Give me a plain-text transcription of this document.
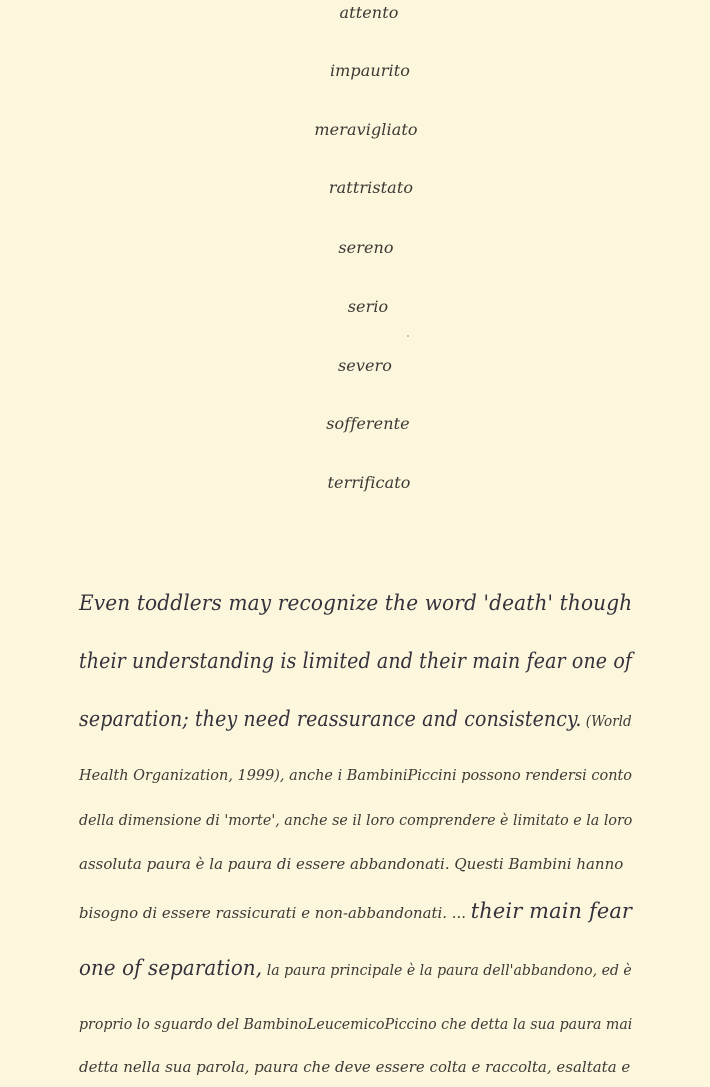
attento
impaurito
meravigliato
rattristato
sereno
serio
severo
sofferente
terrificato
Even toddlers may recognize the word 'death' though
their understanding is limited and their main fear one of
separation; they need reassurance and consistency. (World
Health Organization, 1999), anche i BambiniPiccini possono rendersi conto
della dimensione di 'morte', anche se il loro comprendere è limitato e la loro
assoluta paura è la paura di essere abbandonati. Questi Bambini hanno
bisogno di essere rassicurati e non-abbandonati. ... their main fear
one of separation, la paura principale è la paura dell'abbandono, ed è
proprio lo sguardo del BambinoLeucemicoPiccino che detta la sua paura mai
detta nella sua parola, paura che deve essere colta e raccolta, esaltata e
